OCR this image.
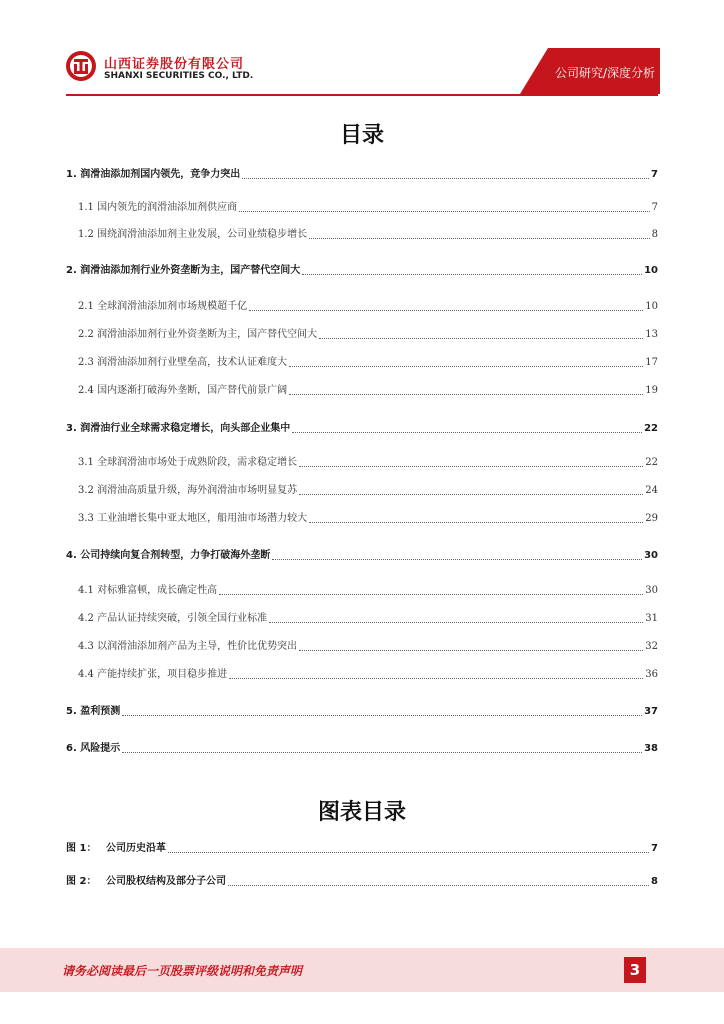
山西证券股份有限公司
SHANXI SECURITIES CO., LTD.	公司研究/深度分析
目录
1. 润滑油添加剂国内领先，竞争力突出	7
1.1 国内领先的润滑油添加剂供应商	7
1.2 围绕润滑油添加剂主业发展，公司业绩稳步增长	8
2. 润滑油添加剂行业外资垄断为主，国产替代空间大	10
2.1 全球润滑油添加剂市场规模超千亿	10
2.2 润滑油添加剂行业外资垄断为主，国产替代空间大	13
2.3 润滑油添加剂行业壁垒高，技术认证难度大	17
2.4 国内逐渐打破海外垄断，国产替代前景广阔	19
3. 润滑油行业全球需求稳定增长，向头部企业集中	22
3.1 全球润滑油市场处于成熟阶段，需求稳定增长	22
3.2 润滑油高质量升级，海外润滑油市场明显复苏	24
3.3 工业油增长集中亚太地区，船用油市场潜力较大	29
4. 公司持续向复合剂转型，力争打破海外垄断	30
4.1 对标雅富顿，成长确定性高	30
4.2 产品认证持续突破，引领全国行业标准	31
4.3 以润滑油添加剂产品为主导，性价比优势突出	32
4.4 产能持续扩张，项目稳步推进	36
5. 盈利预测	37
6. 风险提示	38
图表目录
图 1： 公司历史沿革	7
图 2： 公司股权结构及部分子公司	8
请务必阅读最后一页股票评级说明和免责声明	3
